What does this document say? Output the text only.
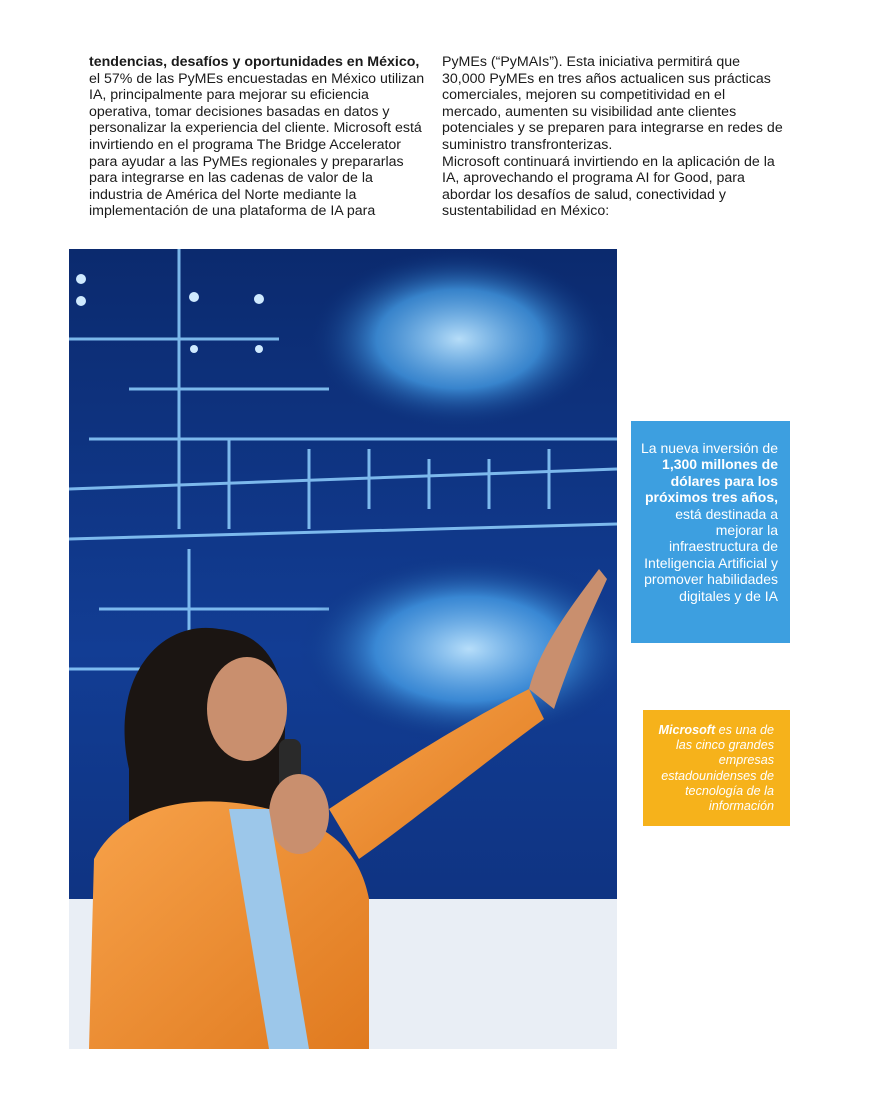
tendencias, desafíos y oportunidades en México,
el 57% de las PyMEs encuestadas en México utilizan IA, principalmente para mejorar su eficiencia operativa, tomar decisiones basadas en datos y personalizar la experiencia del cliente. Microsoft está invirtiendo en el programa The Bridge Accelerator para ayudar a las PyMEs regionales y prepararlas para integrarse en las cadenas de valor de la industria de América del Norte mediante la implementación de una plataforma de IA para

PyMEs (“PyMAIs”). Esta iniciativa permitirá que 30,000 PyMEs en tres años actualicen sus prácticas comerciales, mejoren su competitividad en el mercado, aumenten su visibilidad ante clientes potenciales y se preparen para integrarse en redes de suministro transfronterizas.

Microsoft continuará invirtiendo en la aplicación de la IA, aprovechando el programa AI for Good, para abordar los desafíos de salud, conectividad y sustentabilidad en México:

La nueva inversión de 1,300 millones de dólares para los próximos tres años, está destinada a mejorar la infraestructura de Inteligencia Artificial y promover habilidades digitales y de IA
Microsoft es una de las cinco grandes empresas estadounidenses de tecnología de la información
